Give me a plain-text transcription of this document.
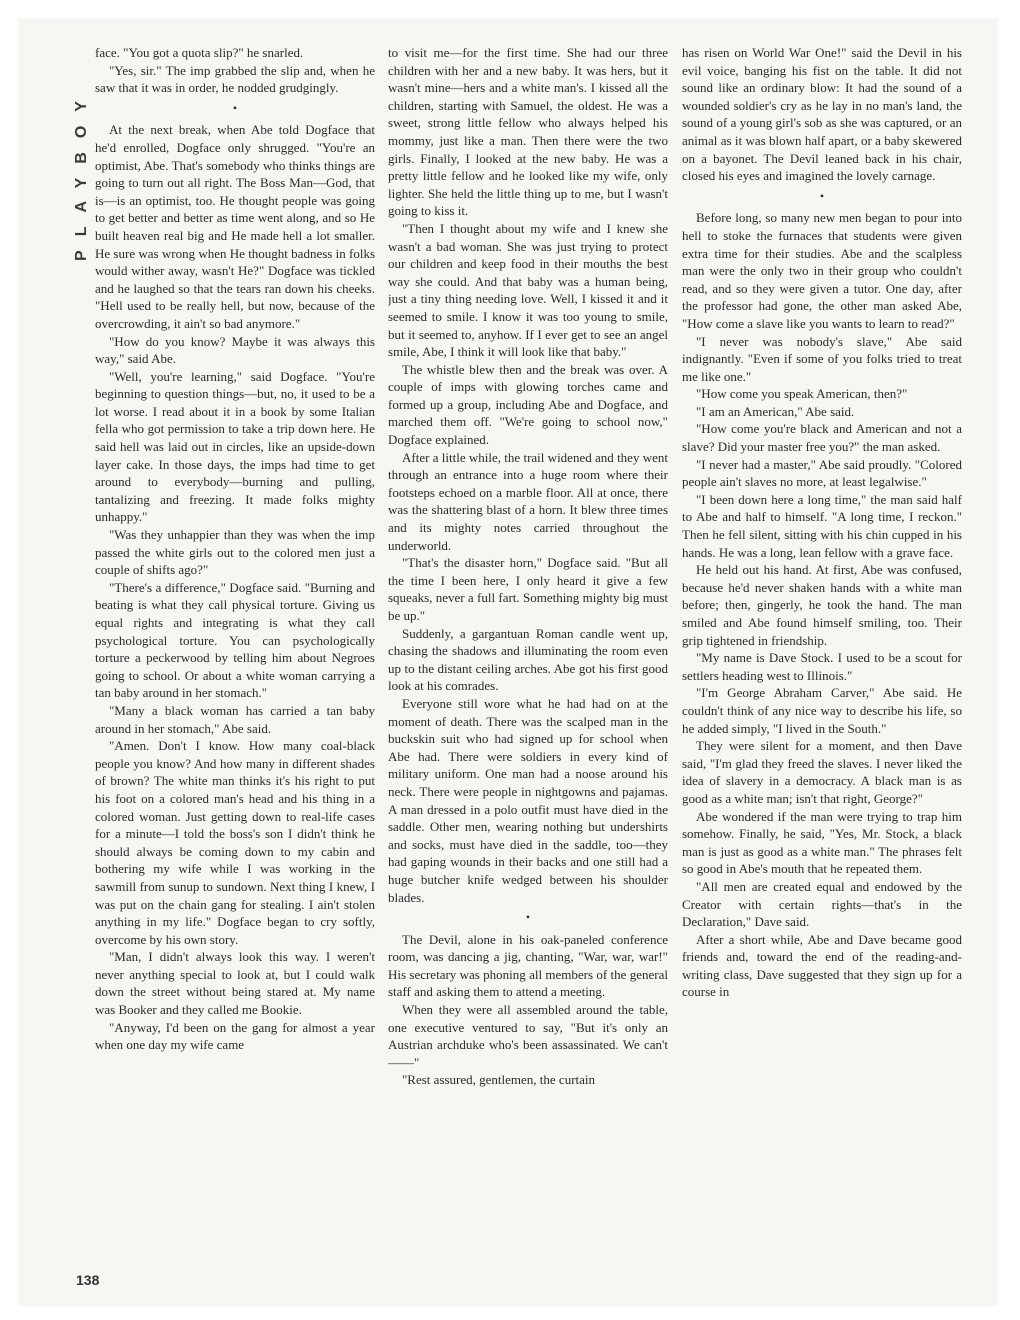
PLAYBOY
138

face. "You got a quota slip?" he snarled.

"Yes, sir." The imp grabbed the slip and, when he saw that it was in order, he nodded grudgingly.

•

At the next break, when Abe told Dogface that he'd enrolled, Dogface only shrugged. "You're an optimist, Abe. That's somebody who thinks things are going to turn out all right. The Boss Man—God, that is—is an optimist, too. He thought people was going to get better and better as time went along, and so He built heaven real big and He made hell a lot smaller. He sure was wrong when He thought badness in folks would wither away, wasn't He?" Dogface was tickled and he laughed so that the tears ran down his cheeks. "Hell used to be really hell, but now, because of the overcrowding, it ain't so bad anymore."

"How do you know? Maybe it was always this way," said Abe.

"Well, you're learning," said Dogface. "You're beginning to question things—but, no, it used to be a lot worse. I read about it in a book by some Italian fella who got permission to take a trip down here. He said hell was laid out in circles, like an upside-down layer cake. In those days, the imps had time to get around to everybody—burning and pulling, tantalizing and freezing. It made folks mighty unhappy."

"Was they unhappier than they was when the imp passed the white girls out to the colored men just a couple of shifts ago?"

"There's a difference," Dogface said. "Burning and beating is what they call physical torture. Giving us equal rights and integrating is what they call psychological torture. You can psychologically torture a peckerwood by telling him about Negroes going to school. Or about a white woman carrying a tan baby around in her stomach."

"Many a black woman has carried a tan baby around in her stomach," Abe said.

"Amen. Don't I know. How many coal-black people you know? And how many in different shades of brown? The white man thinks it's his right to put his foot on a colored man's head and his thing in a colored woman. Just getting down to real-life cases for a minute—I told the boss's son I didn't think he should always be coming down to my cabin and bothering my wife while I was working in the sawmill from sunup to sundown. Next thing I knew, I was put on the chain gang for stealing. I ain't stolen anything in my life." Dogface began to cry softly, overcome by his own story.

"Man, I didn't always look this way. I weren't never anything special to look at, but I could walk down the street without being stared at. My name was Booker and they called me Bookie.

"Anyway, I'd been on the gang for almost a year when one day my wife came

to visit me—for the first time. She had our three children with her and a new baby. It was hers, but it wasn't mine—hers and a white man's. I kissed all the children, starting with Samuel, the oldest. He was a sweet, strong little fellow who always helped his mommy, just like a man. Then there were the two girls. Finally, I looked at the new baby. He was a pretty little fellow and he looked like my wife, only lighter. She held the little thing up to me, but I wasn't going to kiss it.

"Then I thought about my wife and I knew she wasn't a bad woman. She was just trying to protect our children and keep food in their mouths the best way she could. And that baby was a human being, just a tiny thing needing love. Well, I kissed it and it seemed to smile. I know it was too young to smile, but it seemed to, anyhow. If I ever get to see an angel smile, Abe, I think it will look like that baby."

The whistle blew then and the break was over. A couple of imps with glowing torches came and formed up a group, including Abe and Dogface, and marched them off. "We're going to school now," Dogface explained.

After a little while, the trail widened and they went through an entrance into a huge room where their footsteps echoed on a marble floor. All at once, there was the shattering blast of a horn. It blew three times and its mighty notes carried throughout the underworld.

"That's the disaster horn," Dogface said. "But all the time I been here, I only heard it give a few squeaks, never a full fart. Something mighty big must be up."

Suddenly, a gargantuan Roman candle went up, chasing the shadows and illuminating the room even up to the distant ceiling arches. Abe got his first good look at his comrades.

Everyone still wore what he had had on at the moment of death. There was the scalped man in the buckskin suit who had signed up for school when Abe had. There were soldiers in every kind of military uniform. One man had a noose around his neck. There were people in nightgowns and pajamas. A man dressed in a polo outfit must have died in the saddle. Other men, wearing nothing but undershirts and socks, must have died in the saddle, too—they had gaping wounds in their backs and one still had a huge butcher knife wedged between his shoulder blades.

•

The Devil, alone in his oak-paneled conference room, was dancing a jig, chanting, "War, war, war!" His secretary was phoning all members of the general staff and asking them to attend a meeting.

When they were all assembled around the table, one executive ventured to say, "But it's only an Austrian archduke who's been assassinated. We can't——"

"Rest assured, gentlemen, the curtain

has risen on World War One!" said the Devil in his evil voice, banging his fist on the table. It did not sound like an ordinary blow: It had the sound of a wounded soldier's cry as he lay in no man's land, the sound of a young girl's sob as she was captured, or an animal as it was blown half apart, or a baby skewered on a bayonet. The Devil leaned back in his chair, closed his eyes and imagined the lovely carnage.

•

Before long, so many new men began to pour into hell to stoke the furnaces that students were given extra time for their studies. Abe and the scalpless man were the only two in their group who couldn't read, and so they were given a tutor. One day, after the professor had gone, the other man asked Abe, "How come a slave like you wants to learn to read?"

"I never was nobody's slave," Abe said indignantly. "Even if some of you folks tried to treat me like one."

"How come you speak American, then?"

"I am an American," Abe said.

"How come you're black and American and not a slave? Did your master free you?" the man asked.

"I never had a master," Abe said proudly. "Colored people ain't slaves no more, at least legalwise."

"I been down here a long time," the man said half to Abe and half to himself. "A long time, I reckon." Then he fell silent, sitting with his chin cupped in his hands. He was a long, lean fellow with a grave face.

He held out his hand. At first, Abe was confused, because he'd never shaken hands with a white man before; then, gingerly, he took the hand. The man smiled and Abe found himself smiling, too. Their grip tightened in friendship.

"My name is Dave Stock. I used to be a scout for settlers heading west to Illinois."

"I'm George Abraham Carver," Abe said. He couldn't think of any nice way to describe his life, so he added simply, "I lived in the South."

They were silent for a moment, and then Dave said, "I'm glad they freed the slaves. I never liked the idea of slavery in a democracy. A black man is as good as a white man; isn't that right, George?"

Abe wondered if the man were trying to trap him somehow. Finally, he said, "Yes, Mr. Stock, a black man is just as good as a white man." The phrases felt so good in Abe's mouth that he repeated them.

"All men are created equal and endowed by the Creator with certain rights—that's in the Declaration," Dave said.

After a short while, Abe and Dave became good friends and, toward the end of the reading-and-writing class, Dave suggested that they sign up for a course in
